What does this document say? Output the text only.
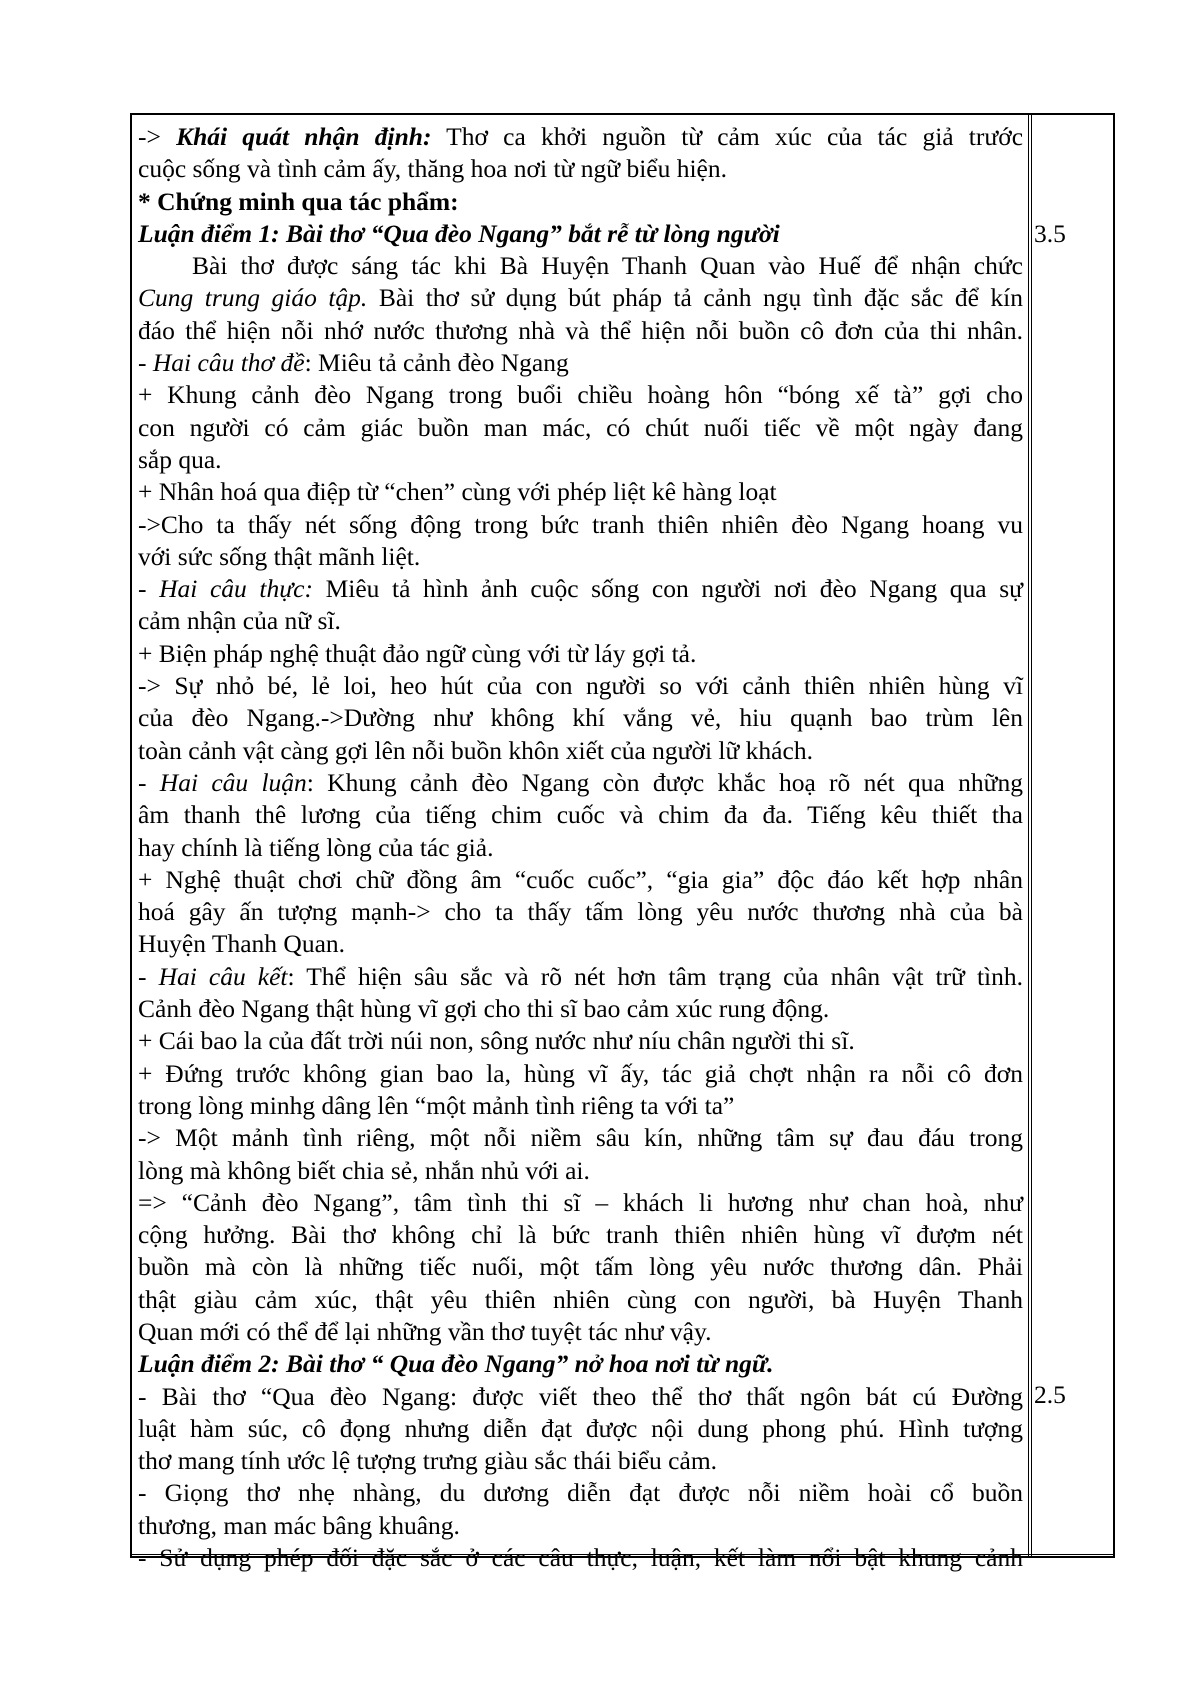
-> Khái quát nhận định: Thơ ca khởi nguồn từ cảm xúc của tác giả trước
cuộc sống và tình cảm ấy, thăng hoa nơi từ ngữ biểu hiện.
* Chứng minh qua tác phẩm:
Luận điểm 1: Bài thơ “Qua đèo Ngang” bắt rễ từ lòng người
Bài thơ được sáng tác khi Bà Huyện Thanh Quan vào Huế để nhận chức
Cung trung giáo tập. Bài thơ sử dụng bút pháp tả cảnh ngụ tình đặc sắc để kín
đáo thể hiện nỗi nhớ nước thương nhà và thể hiện nỗi buồn cô đơn của thi nhân.
- Hai câu thơ đề: Miêu tả cảnh đèo Ngang
+ Khung cảnh đèo Ngang trong buổi chiều hoàng hôn “bóng xế tà” gợi cho
con người có cảm giác buồn man mác, có chút nuối tiếc về một ngày đang
sắp qua.
+ Nhân hoá qua điệp từ “chen” cùng với phép liệt kê hàng loạt
->Cho ta thấy nét sống động trong bức tranh thiên nhiên đèo Ngang hoang vu
với sức sống thật mãnh liệt.
- Hai câu thực: Miêu tả hình ảnh cuộc sống con người nơi đèo Ngang qua sự
cảm nhận của nữ sĩ.
+ Biện pháp nghệ thuật đảo ngữ cùng với từ láy gợi tả.
-> Sự nhỏ bé, lẻ loi, heo hút của con người so với cảnh thiên nhiên hùng vĩ
của đèo Ngang.->Dường như không khí vắng vẻ, hiu quạnh bao trùm lên
toàn cảnh vật càng gợi lên nỗi buồn khôn xiết của người lữ khách.
- Hai câu luận: Khung cảnh đèo Ngang còn được khắc hoạ rõ nét qua những
âm thanh thê lương của tiếng chim cuốc và chim đa đa. Tiếng kêu thiết tha
hay chính là tiếng lòng của tác giả.
+ Nghệ thuật chơi chữ đồng âm “cuốc cuốc”, “gia gia” độc đáo kết hợp nhân
hoá gây ấn tượng mạnh-> cho ta thấy tấm lòng yêu nước thương nhà của bà
Huyện Thanh Quan.
- Hai câu kết: Thể hiện sâu sắc và rõ nét hơn tâm trạng của nhân vật trữ tình.
Cảnh đèo Ngang thật hùng vĩ gợi cho thi sĩ bao cảm xúc rung động.
+ Cái bao la của đất trời núi non, sông nước như níu chân người thi sĩ.
+ Đứng trước không gian bao la, hùng vĩ ấy, tác giả chợt nhận ra nỗi cô đơn
trong lòng minhg dâng lên “một mảnh tình riêng ta với ta”
-> Một mảnh tình riêng, một nỗi niềm sâu kín, những tâm sự đau đáu trong
lòng mà không biết chia sẻ, nhắn nhủ với ai.
=> “Cảnh đèo Ngang”, tâm tình thi sĩ – khách li hương như chan hoà, như
cộng hưởng. Bài thơ không chỉ là bức tranh thiên nhiên hùng vĩ đượm nét
buồn mà còn là những tiếc nuối, một tấm lòng yêu nước thương dân. Phải
thật giàu cảm xúc, thật yêu thiên nhiên cùng con người, bà Huyện Thanh
Quan mới có thể để lại những vần thơ tuyệt tác như vậy.
Luận điểm 2: Bài thơ “ Qua đèo Ngang” nở hoa nơi từ ngữ.
- Bài thơ “Qua đèo Ngang: được viết theo thể thơ thất ngôn bát cú Đường
luật hàm súc, cô đọng nhưng diễn đạt được nội dung phong phú. Hình tượng
thơ mang tính ước lệ tượng trưng giàu sắc thái biểu cảm.
- Giọng thơ nhẹ nhàng, du dương diễn đạt được nỗi niềm hoài cổ buồn
thương, man mác bâng khuâng.
- Sử dụng phép đối đặc sắc ở các câu thực, luận, kết làm nổi bật khung cảnh
3.5
2.5
